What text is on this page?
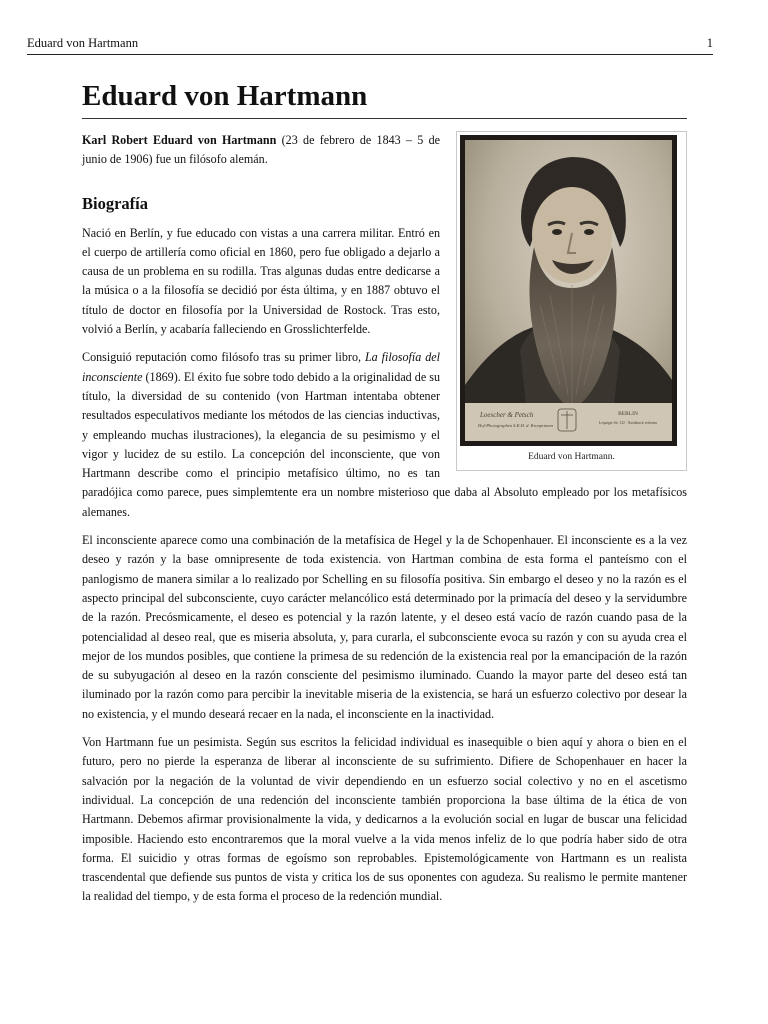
Eduard von Hartmann	1
Eduard von Hartmann
Loescher & Petsch
Hof-Photographen S.K.H. d. Kronprinzen
BERLIN
Leipziger Str. 132 · Nachdruck verboten
Eduard von Hartmann.

Karl Robert Eduard von Hartmann (23 de febrero de 1843 – 5 de junio de 1906) fue un filósofo alemán.

Biografía

Nació en Berlín, y fue educado con vistas a una carrera militar. Entró en el cuerpo de artillería como oficial en 1860, pero fue obligado a dejarlo a causa de un problema en su rodilla. Tras algunas dudas entre dedicarse a la música o a la filosofía se decidió por ésta última, y en 1887 obtuvo el título de doctor en filosofía por la Universidad de Rostock. Tras esto, volvió a Berlín, y acabaría falleciendo en Grosslichterfelde.

Consiguió reputación como filósofo tras su primer libro, La filosofía del inconsciente (1869). El éxito fue sobre todo debido a la originalidad de su título, la diversidad de su contenido (von Hartman intentaba obtener resultados especulativos mediante los métodos de las ciencias inductivas, y empleando muchas ilustraciones), la elegancia de su pesimismo y el vigor y lucidez de su estilo. La concepción del inconsciente, que von Hartmann describe como el principio metafísico último, no es tan paradójica como parece, pues simplemtente era un nombre misterioso que daba al Absoluto empleado por los metafísicos alemanes.

El inconsciente aparece como una combinación de la metafísica de Hegel y la de Schopenhauer. El inconsciente es a la vez deseo y razón y la base omnipresente de toda existencia. von Hartman combina de esta forma el panteísmo con el panlogismo de manera similar a lo realizado por Schelling en su filosofía positiva. Sin embargo el deseo y no la razón es el aspecto principal del subconsciente, cuyo carácter melancólico está determinado por la primacía del deseo y la servidumbre de la razón. Precósmicamente, el deseo es potencial y la razón latente, y el deseo está vacío de razón cuando pasa de la potencialidad al deseo real, que es miseria absoluta, y, para curarla, el subconsciente evoca su razón y con su ayuda crea el mejor de los mundos posibles, que contiene la primesa de su redención de la existencia real por la emancipación de la razón de su subyugación al deseo en la razón consciente del pesimismo iluminado. Cuando la mayor parte del deseo está tan iluminado por la razón como para percibir la inevitable miseria de la existencia, se hará un esfuerzo colectivo por desear la no existencia, y el mundo deseará recaer en la nada, el inconsciente en la inactividad.

Von Hartmann fue un pesimista. Según sus escritos la felicidad individual es inasequible o bien aquí y ahora o bien en el futuro, pero no pierde la esperanza de liberar al inconsciente de su sufrimiento. Difiere de Schopenhauer en hacer la salvación por la negación de la voluntad de vivir dependiendo en un esfuerzo social colectivo y no en el ascetismo individual. La concepción de una redención del inconsciente también proporciona la base última de la ética de von Hartmann. Debemos afirmar provisionalmente la vida, y dedicarnos a la evolución social en lugar de buscar una felicidad imposible. Haciendo esto encontraremos que la moral vuelve a la vida menos infeliz de lo que podría haber sido de otra forma. El suicidio y otras formas de egoísmo son reprobables. Epistemológicamente von Hartmann es un realista trascendental que defiende sus puntos de vista y critica los de sus oponentes con agudeza. Su realismo le permite mantener la realidad del tiempo, y de esta forma el proceso de la redención mundial.
